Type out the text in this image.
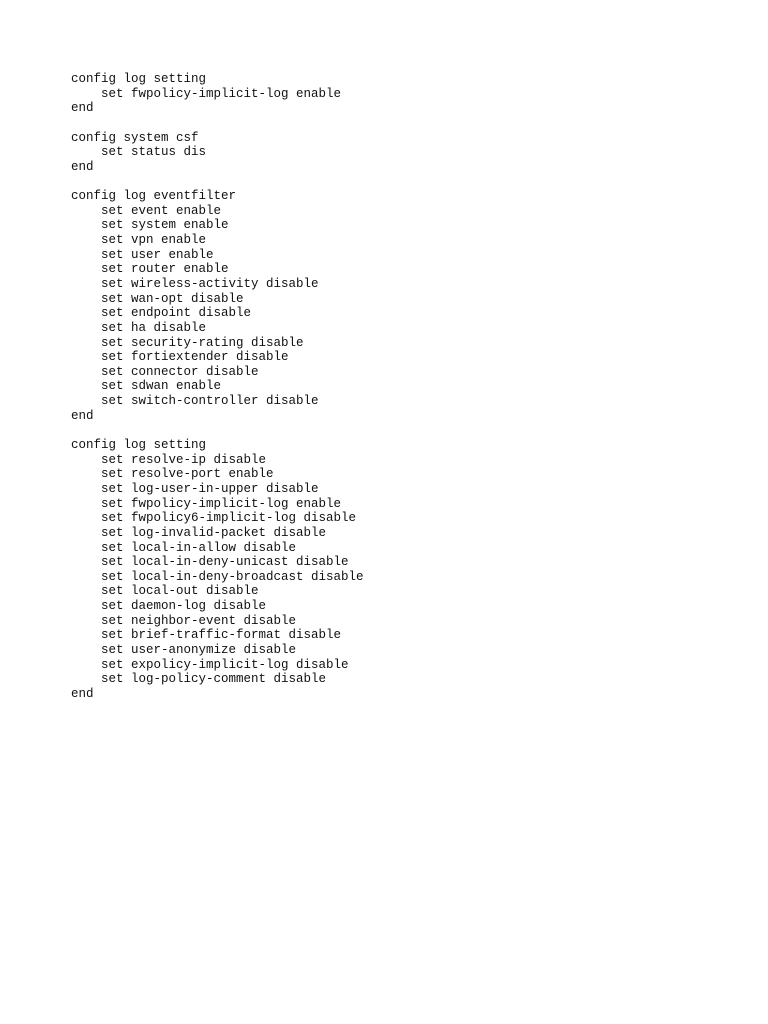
config log setting
set fwpolicy-implicit-log enable
end
config system csf
set status dis
end
config log eventfilter
set event enable
set system enable
set vpn enable
set user enable
set router enable
set wireless-activity disable
set wan-opt disable
set endpoint disable
set ha disable
set security-rating disable
set fortiextender disable
set connector disable
set sdwan enable
set switch-controller disable
end
config log setting
set resolve-ip disable
set resolve-port enable
set log-user-in-upper disable
set fwpolicy-implicit-log enable
set fwpolicy6-implicit-log disable
set log-invalid-packet disable
set local-in-allow disable
set local-in-deny-unicast disable
set local-in-deny-broadcast disable
set local-out disable
set daemon-log disable
set neighbor-event disable
set brief-traffic-format disable
set user-anonymize disable
set expolicy-implicit-log disable
set log-policy-comment disable
end
